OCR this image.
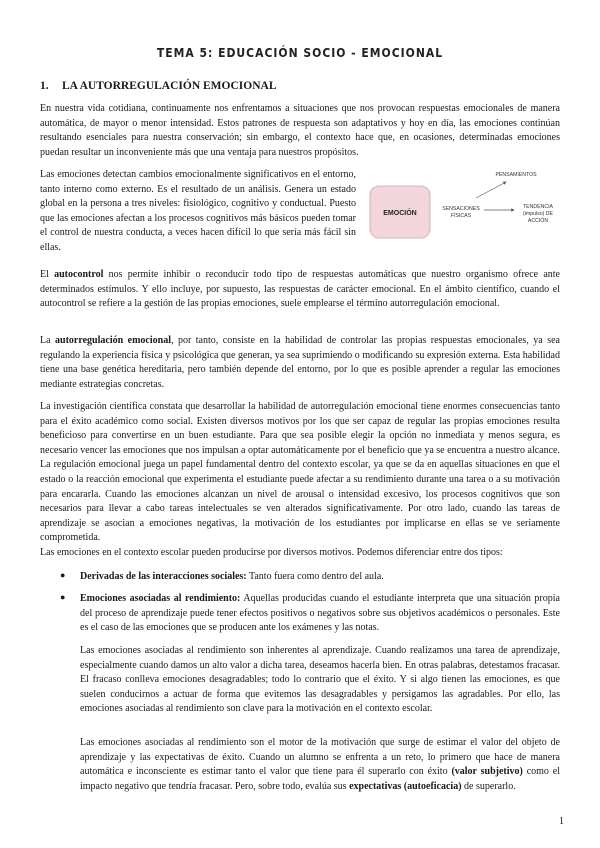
TEMA 5: EDUCACIÓN SOCIO - EMOCIONAL
1. LA AUTORREGULACIÓN EMOCIONAL

En nuestra vida cotidiana, continuamente nos enfrentamos a situaciones que nos provocan respuestas emocionales de manera automática, de mayor o menor intensidad. Estos patrones de respuesta son adaptativos y hoy en día, las emociones continúan resultando esenciales para nuestra conservación; sin embargo, el contexto hace que, en ocasiones, determinadas emociones puedan resultar un inconveniente más que una ventaja para nuestros propósitos.

Las emociones detectan cambios emocionalmente significativos en el entorno, tanto interno como externo. Es el resultado de un análisis. Genera un estado global en la persona a tres niveles: fisiológico, cognitivo y conductual. Puesto que las emociones afectan a los procesos cognitivos más básicos pueden tomar el control de nuestra conducta, a veces hacen difícil lo que sería más fácil sin ellas.

EMOCIÓN
PENSAMIENTOS
SENSACIONES
FÍSICAS
TENDENCIA
(impulso) DE
ACCIÓN

El autocontrol nos permite inhibir o reconducir todo tipo de respuestas automáticas que nuestro organismo ofrece ante determinados estímulos. Y ello incluye, por supuesto, las respuestas de carácter emocional. En el ámbito científico, cuando el autocontrol se refiere a la gestión de las propias emociones, suele emplearse el término autorregulación emocional.

La autorregulación emocional, por tanto, consiste en la habilidad de controlar las propias respuestas emocionales, ya sea regulando la experiencia física y psicológica que generan, ya sea suprimiendo o modificando su expresión externa. Esta habilidad tiene una base genética hereditaria, pero también depende del entorno, por lo que es posible aprender a regular las emociones mediante estrategias concretas.

La investigación científica constata que desarrollar la habilidad de autorregulación emocional tiene enormes consecuencias tanto para el éxito académico como social. Existen diversos motivos por los que ser capaz de regular las propias emociones resulta beneficioso para convertirse en un buen estudiante. Para que sea posible elegir la opción no inmediata y menos segura, es necesario vencer las emociones que nos impulsan a optar automáticamente por el beneficio que ya se encuentra a nuestro alcance. La regulación emocional juega un papel fundamental dentro del contexto escolar, ya que se da en aquellas situaciones en que el estado o la reacción emocional que experimenta el estudiante puede afectar a su rendimiento durante una tarea o a su motivación para encararla. Cuando las emociones alcanzan un nivel de arousal o intensidad excesivo, los procesos cognitivos que son necesarios para llevar a cabo tareas intelectuales se ven alterados significativamente. Por otro lado, cuando las tareas de aprendizaje se asocian a emociones negativas, la motivación de los estudiantes por implicarse en ellas se ve seriamente comprometida.

Las emociones en el contexto escolar pueden producirse por diversos motivos. Podemos diferenciar entre dos tipos:

● Derivadas de las interacciones sociales: Tanto fuera como dentro del aula.

● Emociones asociadas al rendimiento: Aquellas producidas cuando el estudiante interpreta que una situación propia del proceso de aprendizaje puede tener efectos positivos o negativos sobre sus objetivos académicos o personales. Este es el caso de las emociones que se producen ante los exámenes y las notas.

Las emociones asociadas al rendimiento son inherentes al aprendizaje. Cuando realizamos una tarea de aprendizaje, especialmente cuando damos un alto valor a dicha tarea, deseamos hacerla bien. En otras palabras, detestamos fracasar. El fracaso conlleva emociones desagradables; todo lo contrario que el éxito. Y si algo tienen las emociones, es que suelen conducirnos a actuar de forma que evitemos las desagradables y persigamos las agradables. Por ello, las emociones asociadas al rendimiento son clave para la motivación en el contexto escolar.

Las emociones asociadas al rendimiento son el motor de la motivación que surge de estimar el valor del objeto de aprendizaje y las expectativas de éxito. Cuando un alumno se enfrenta a un reto, lo primero que hace de manera automática e inconsciente es estimar tanto el valor que tiene para él superarlo con éxito (valor subjetivo) como el impacto negativo que tendría fracasar. Pero, sobre todo, evalúa sus expectativas (autoeficacia) de superarlo.

1
